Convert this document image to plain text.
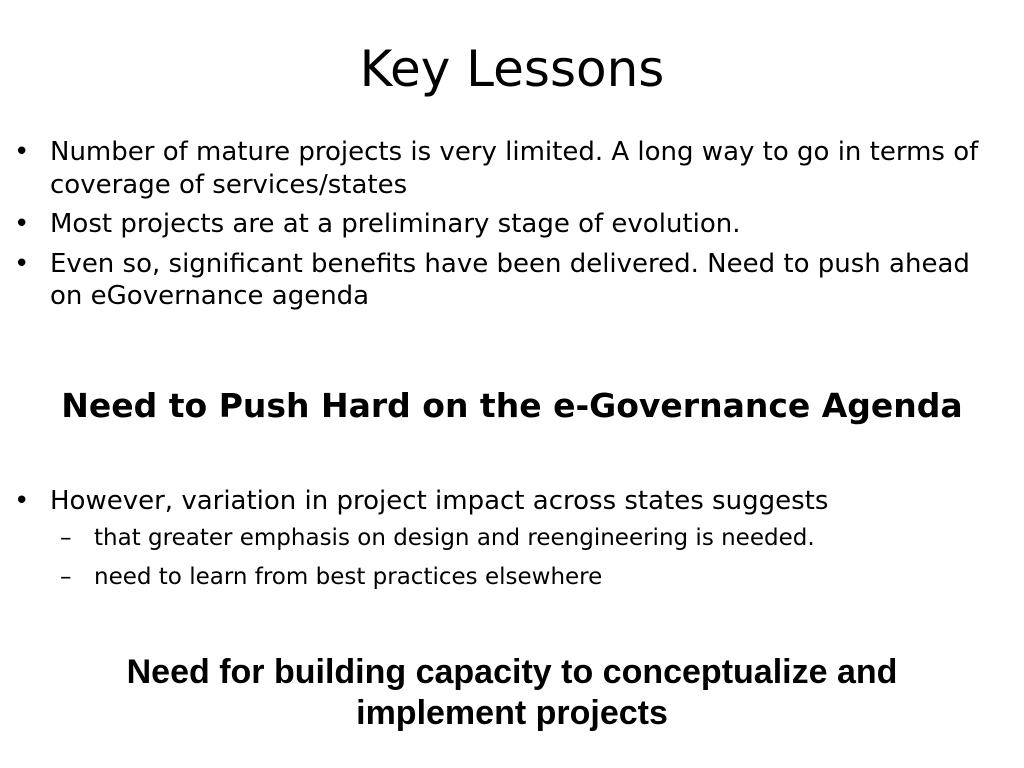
Key Lessons
• Number of mature projects is very limited. A long way to go in terms of coverage of services/states
• Most projects are at a preliminary stage of evolution.
• Even so, significant benefits have been delivered. Need to push ahead on eGovernance agenda

Need to Push Hard on the e-Governance Agenda

• However, variation in project impact across states suggests
– that greater emphasis on design and reengineering is needed.
– need to learn from best practices elsewhere

Need for building capacity to conceptualize and implement projects
